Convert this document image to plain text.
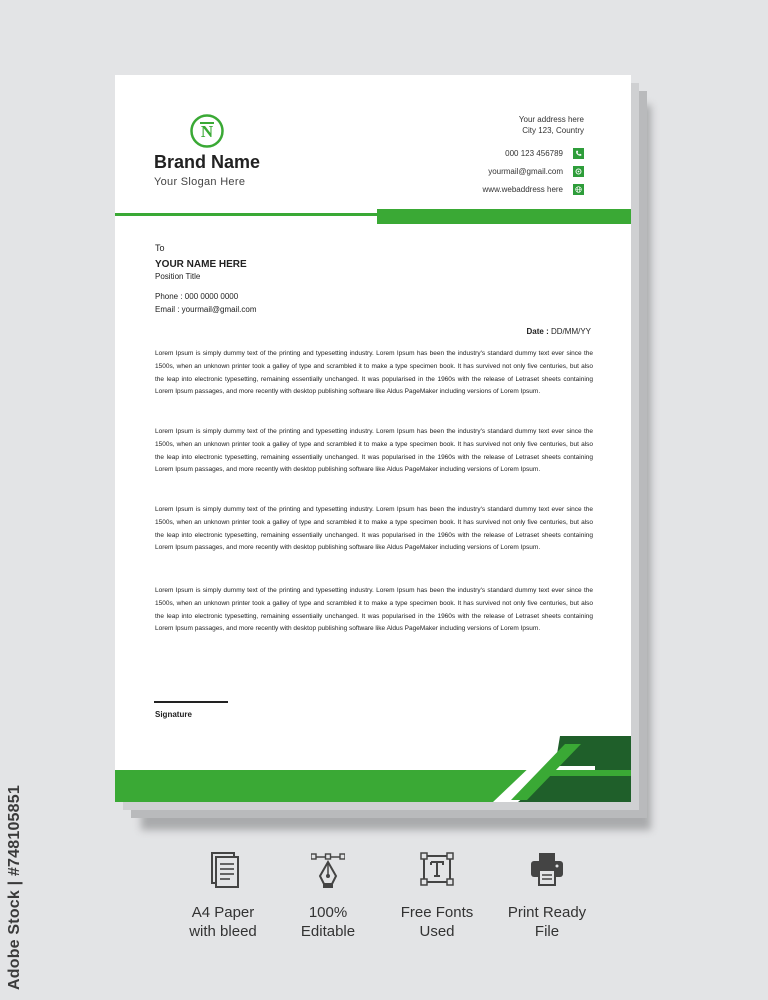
Adobe Stock | #748105851
N
Brand Name
Your Slogan Here
Your address here
City 123, Country
000 123 456789
yourmail@gmail.com
www.webaddress here
To
YOUR NAME HERE
Position Title
Phone : 000 0000 0000
Email : yourmail@gmail.com
Date : DD/MM/YY
Lorem Ipsum is simply dummy text of the printing and typesetting industry. Lorem Ipsum has been the industry's standard dummy text ever since the 1500s, when an unknown printer took a galley of type and scrambled it to make a type specimen book. It has survived not only five centuries, but also the leap into electronic typesetting, remaining essentially unchanged. It was popularised in the 1960s with the release of Letraset sheets containing Lorem Ipsum passages, and more recently with desktop publishing software like Aldus PageMaker including versions of Lorem Ipsum.
Lorem Ipsum is simply dummy text of the printing and typesetting industry. Lorem Ipsum has been the industry's standard dummy text ever since the 1500s, when an unknown printer took a galley of type and scrambled it to make a type specimen book. It has survived not only five centuries, but also the leap into electronic typesetting, remaining essentially unchanged. It was popularised in the 1960s with the release of Letraset sheets containing Lorem Ipsum passages, and more recently with desktop publishing software like Aldus PageMaker including versions of Lorem Ipsum.
Lorem Ipsum is simply dummy text of the printing and typesetting industry. Lorem Ipsum has been the industry's standard dummy text ever since the 1500s, when an unknown printer took a galley of type and scrambled it to make a type specimen book. It has survived not only five centuries, but also the leap into electronic typesetting, remaining essentially unchanged. It was popularised in the 1960s with the release of Letraset sheets containing Lorem Ipsum passages, and more recently with desktop publishing software like Aldus PageMaker including versions of Lorem Ipsum.
Lorem Ipsum is simply dummy text of the printing and typesetting industry. Lorem Ipsum has been the industry's standard dummy text ever since the 1500s, when an unknown printer took a galley of type and scrambled it to make a type specimen book. It has survived not only five centuries, but also the leap into electronic typesetting, remaining essentially unchanged. It was popularised in the 1960s with the release of Letraset sheets containing Lorem Ipsum passages, and more recently with desktop publishing software like Aldus PageMaker including versions of Lorem Ipsum.
Signature
A4 Paper
with bleed
100%
Editable
Free Fonts
Used
Print Ready
File
